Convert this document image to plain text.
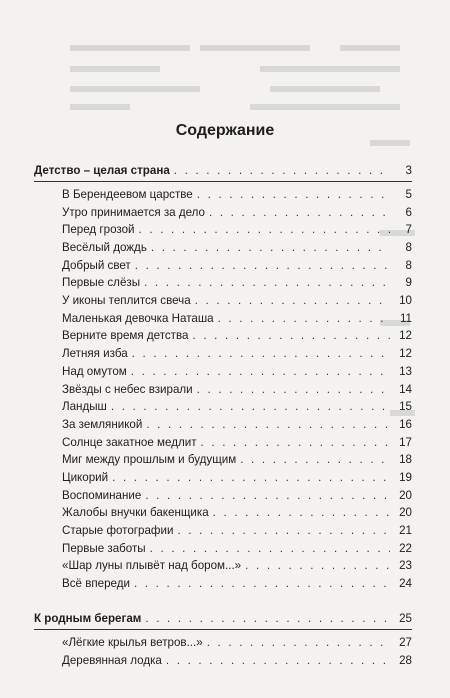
Содержание
Детство – целая страна . . .	3
В Берендеевом царстве . . .	5
Утро принимается за дело . . .	6
Перед грозой . . .	7
Весёлый дождь . . .	8
Добрый свет . . .	8
Первые слёзы . . .	9
У иконы теплится свеча . . .	10
Маленькая девочка Наташа . . .	11
Верните время детства . . .	12
Летняя изба . . .	12
Над омутом . . .	13
Звёзды с небес взирали . . .	14
Ландыш . . .	15
За земляникой . . .	16
Солнце закатное медлит . . .	17
Миг между прошлым и будущим . . .	18
Цикорий . . .	19
Воспоминание . . .	20
Жалобы внучки бакенщика . . .	20
Старые фотографии . . .	21
Первые заботы . . .	22
«Шар луны плывёт над бором...» . . .	23
Всё впереди . . .	24
К родным берегам . . .	25
«Лёгкие крылья ветров...» . . .	27
Деревянная лодка . . .	28
